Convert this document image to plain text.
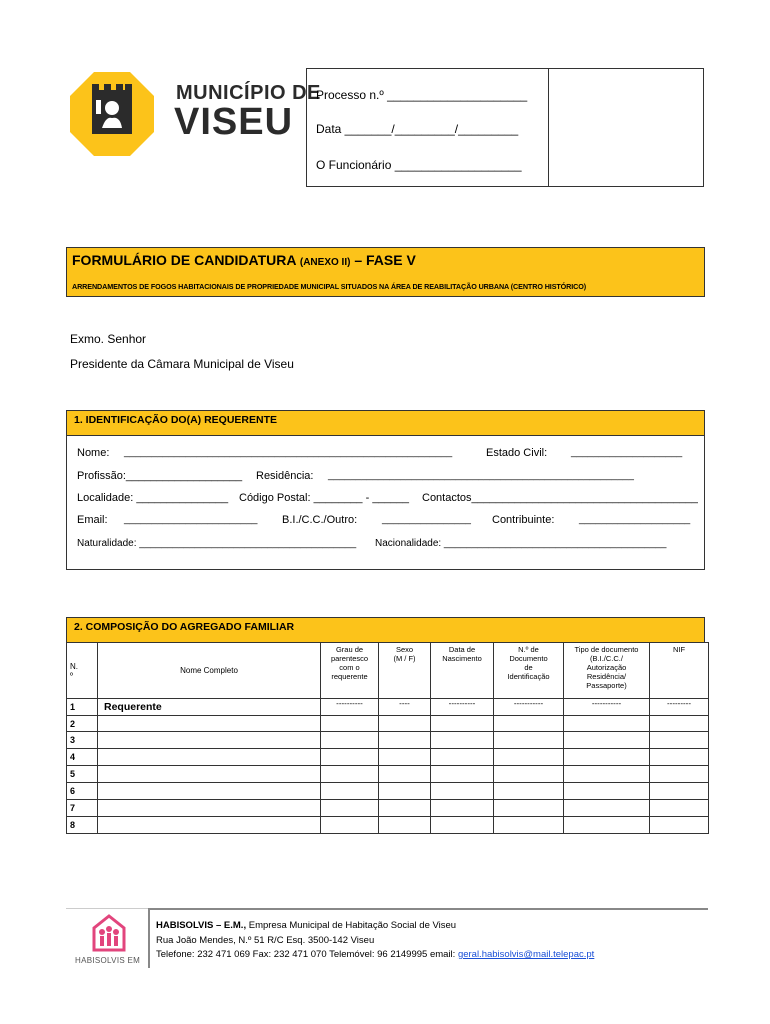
MUNICÍPIO DE
VISEU
Processo n.º _____________________
Data _______/_________/_________
O Funcionário ___________________
FORMULÁRIO DE CANDIDATURA (ANEXO II) – FASE V
ARRENDAMENTOS DE FOGOS HABITACIONAIS DE PROPRIEDADE MUNICIPAL SITUADOS NA ÁREA DE REABILITAÇÃO URBANA (CENTRO HISTÓRICO)
Exmo. Senhor
Presidente da Câmara Municipal de Viseu
1. IDENTIFICAÇÃO DO(A) REQUERENTE
Nome: ___________________________________________________________	Estado Civil: ____________________
Profissão:___________________ Residência: _______________________________________________________
Localidade: _______________ Código Postal: ________ - ______ Contactos_____________________________________
Email: ________________________ B.I./C.C./Outro: ________________ Contribuinte: ____________________
Naturalidade: _______________________________________ Nacionalidade: ________________________________________
2. COMPOSIÇÃO DO AGREGADO FAMILIAR
N.
º	Nome Completo	Grau de
parentesco
com o
requerente	Sexo
(M / F)	Data de
Nascimento	N.º de
Documento
de
Identificação	Tipo de documento
(B.I./C.C./
Autorização
Residência/
Passaporte)	NIF
1	Requerente	----------	----	----------	-----------	-----------	---------
2							
3							
4							
5							
6							
7							
8							
HABISOLVIS EM
HABISOLVIS – E.M., Empresa Municipal de Habitação Social de Viseu
Rua João Mendes, N.º 51 R/C Esq. 3500-142 Viseu
Telefone: 232 471 069 Fax: 232 471 070 Telemóvel: 96 2149995 email: geral.habisolvis@mail.telepac.pt
